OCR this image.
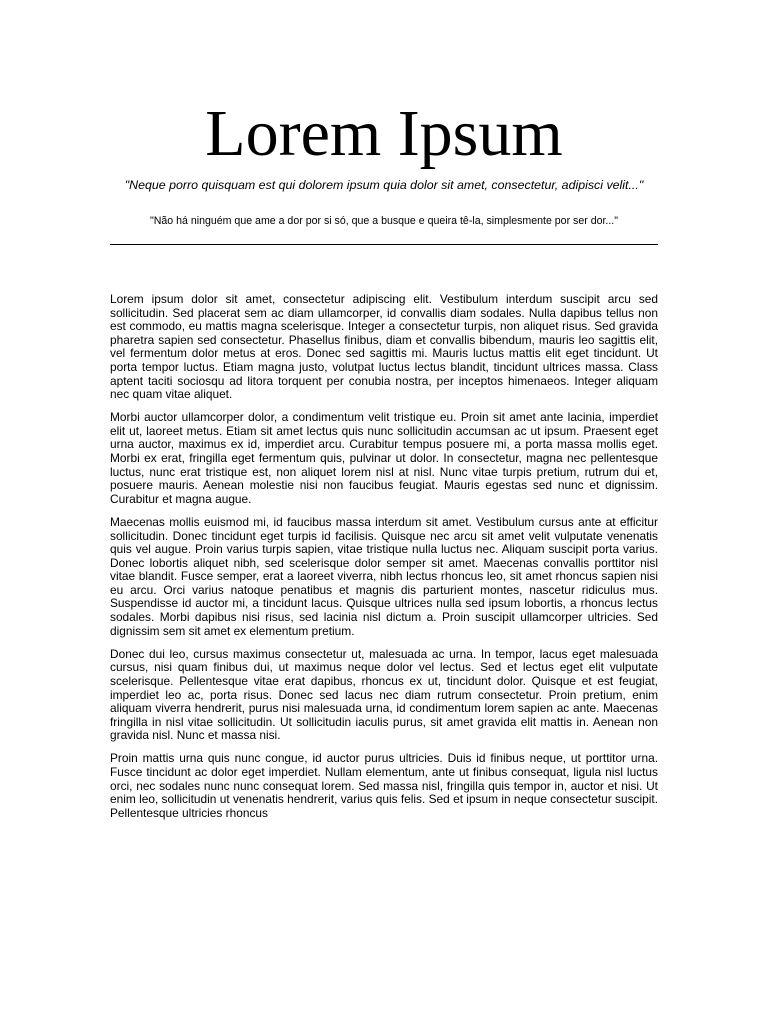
Lorem Ipsum

"Neque porro quisquam est qui dolorem ipsum quia dolor sit amet, consectetur, adipisci velit..."

"Não há ninguém que ame a dor por si só, que a busque e queira tê-la, simplesmente por ser dor..."

Lorem ipsum dolor sit amet, consectetur adipiscing elit. Vestibulum interdum suscipit arcu sed sollicitudin. Sed placerat sem ac diam ullamcorper, id convallis diam sodales. Nulla dapibus tellus non est commodo, eu mattis magna scelerisque. Integer a consectetur turpis, non aliquet risus. Sed gravida pharetra sapien sed consectetur. Phasellus finibus, diam et convallis bibendum, mauris leo sagittis elit, vel fermentum dolor metus at eros. Donec sed sagittis mi. Mauris luctus mattis elit eget tincidunt. Ut porta tempor luctus. Etiam magna justo, volutpat luctus lectus blandit, tincidunt ultrices massa. Class aptent taciti sociosqu ad litora torquent per conubia nostra, per inceptos himenaeos. Integer aliquam nec quam vitae aliquet.

Morbi auctor ullamcorper dolor, a condimentum velit tristique eu. Proin sit amet ante lacinia, imperdiet elit ut, laoreet metus. Etiam sit amet lectus quis nunc sollicitudin accumsan ac ut ipsum. Praesent eget urna auctor, maximus ex id, imperdiet arcu. Curabitur tempus posuere mi, a porta massa mollis eget. Morbi ex erat, fringilla eget fermentum quis, pulvinar ut dolor. In consectetur, magna nec pellentesque luctus, nunc erat tristique est, non aliquet lorem nisl at nisl. Nunc vitae turpis pretium, rutrum dui et, posuere mauris. Aenean molestie nisi non faucibus feugiat. Mauris egestas sed nunc et dignissim. Curabitur et magna augue.

Maecenas mollis euismod mi, id faucibus massa interdum sit amet. Vestibulum cursus ante at efficitur sollicitudin. Donec tincidunt eget turpis id facilisis. Quisque nec arcu sit amet velit vulputate venenatis quis vel augue. Proin varius turpis sapien, vitae tristique nulla luctus nec. Aliquam suscipit porta varius. Donec lobortis aliquet nibh, sed scelerisque dolor semper sit amet. Maecenas convallis porttitor nisl vitae blandit. Fusce semper, erat a laoreet viverra, nibh lectus rhoncus leo, sit amet rhoncus sapien nisi eu arcu. Orci varius natoque penatibus et magnis dis parturient montes, nascetur ridiculus mus. Suspendisse id auctor mi, a tincidunt lacus. Quisque ultrices nulla sed ipsum lobortis, a rhoncus lectus sodales. Morbi dapibus nisi risus, sed lacinia nisl dictum a. Proin suscipit ullamcorper ultricies. Sed dignissim sem sit amet ex elementum pretium.

Donec dui leo, cursus maximus consectetur ut, malesuada ac urna. In tempor, lacus eget malesuada cursus, nisi quam finibus dui, ut maximus neque dolor vel lectus. Sed et lectus eget elit vulputate scelerisque. Pellentesque vitae erat dapibus, rhoncus ex ut, tincidunt dolor. Quisque et est feugiat, imperdiet leo ac, porta risus. Donec sed lacus nec diam rutrum consectetur. Proin pretium, enim aliquam viverra hendrerit, purus nisi malesuada urna, id condimentum lorem sapien ac ante. Maecenas fringilla in nisl vitae sollicitudin. Ut sollicitudin iaculis purus, sit amet gravida elit mattis in. Aenean non gravida nisl. Nunc et massa nisi.

Proin mattis urna quis nunc congue, id auctor purus ultricies. Duis id finibus neque, ut porttitor urna. Fusce tincidunt ac dolor eget imperdiet. Nullam elementum, ante ut finibus consequat, ligula nisl luctus orci, nec sodales nunc nunc consequat lorem. Sed massa nisl, fringilla quis tempor in, auctor et nisi. Ut enim leo, sollicitudin ut venenatis hendrerit, varius quis felis. Sed et ipsum in neque consectetur suscipit. Pellentesque ultricies rhoncus
